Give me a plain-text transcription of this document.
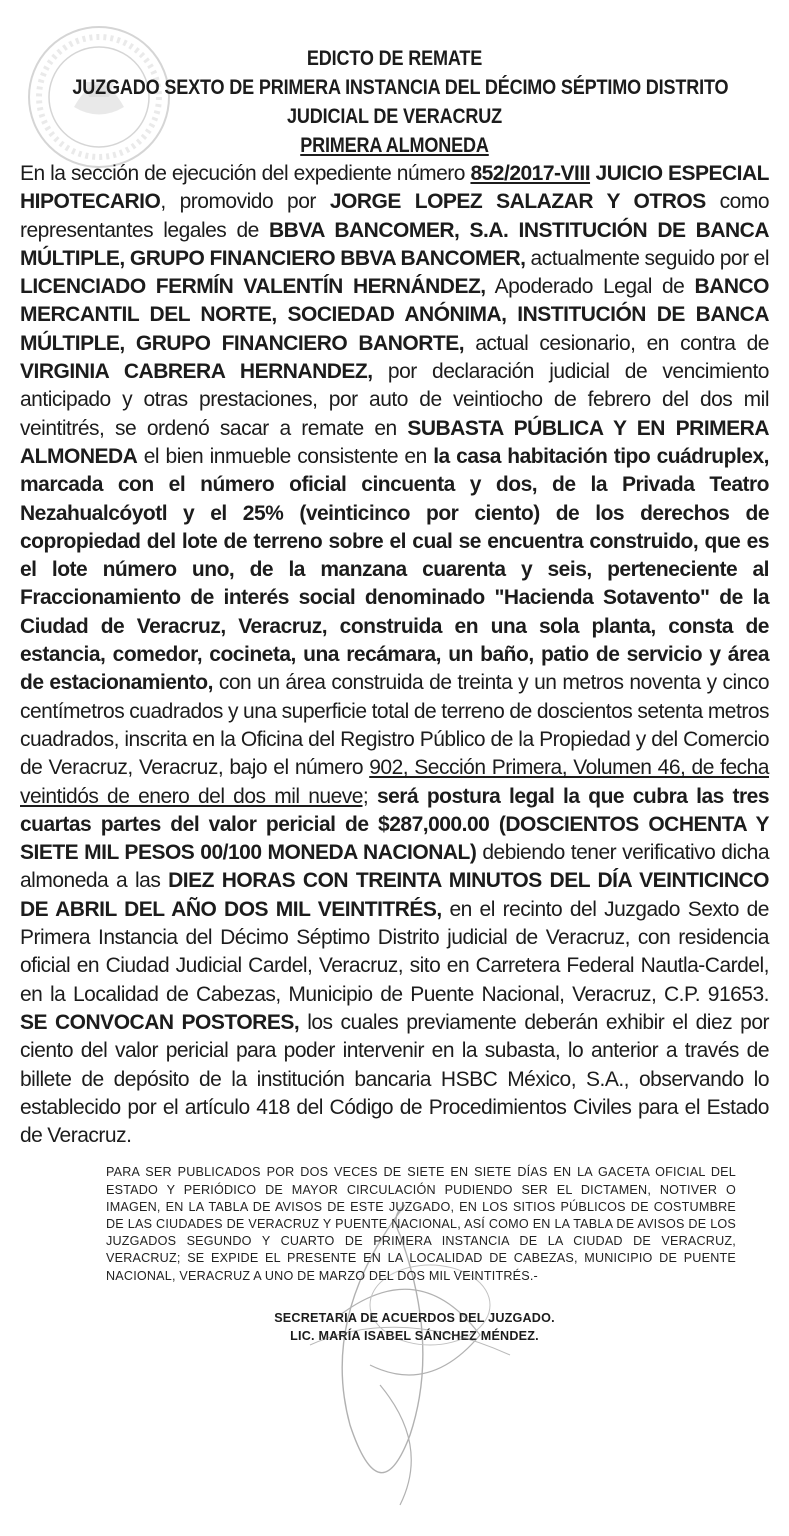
EDICTO DE REMATE
JUZGADO SEXTO DE PRIMERA INSTANCIA DEL DÉCIMO SÉPTIMO DISTRITO
JUDICIAL DE VERACRUZ
PRIMERA ALMONEDA
En la sección de ejecución del expediente número 852/2017-VIII JUICIO ESPECIAL HIPOTECARIO, promovido por JORGE LOPEZ SALAZAR Y OTROS como representantes legales de BBVA BANCOMER, S.A. INSTITUCIÓN DE BANCA MÚLTIPLE, GRUPO FINANCIERO BBVA BANCOMER, actualmente seguido por el LICENCIADO FERMÍN VALENTÍN HERNÁNDEZ, Apoderado Legal de BANCO MERCANTIL DEL NORTE, SOCIEDAD ANÓNIMA, INSTITUCIÓN DE BANCA MÚLTIPLE, GRUPO FINANCIERO BANORTE, actual cesionario, en contra de VIRGINIA CABRERA HERNANDEZ, por declaración judicial de vencimiento anticipado y otras prestaciones, por auto de veintiocho de febrero del dos mil veintitrés, se ordenó sacar a remate en SUBASTA PÚBLICA Y EN PRIMERA ALMONEDA el bien inmueble consistente en la casa habitación tipo cuádruplex, marcada con el número oficial cincuenta y dos, de la Privada Teatro Nezahualcóyotl y el 25% (veinticinco por ciento) de los derechos de copropiedad del lote de terreno sobre el cual se encuentra construido, que es el lote número uno, de la manzana cuarenta y seis, perteneciente al Fraccionamiento de interés social denominado "Hacienda Sotavento" de la Ciudad de Veracruz, Veracruz, construida en una sola planta, consta de estancia, comedor, cocineta, una recámara, un baño, patio de servicio y área de estacionamiento, con un área construida de treinta y un metros noventa y cinco centímetros cuadrados y una superficie total de terreno de doscientos setenta metros cuadrados, inscrita en la Oficina del Registro Público de la Propiedad y del Comercio de Veracruz, Veracruz, bajo el número 902, Sección Primera, Volumen 46, de fecha veintidós de enero del dos mil nueve; será postura legal la que cubra las tres cuartas partes del valor pericial de $287,000.00 (DOSCIENTOS OCHENTA Y SIETE MIL PESOS 00/100 MONEDA NACIONAL) debiendo tener verificativo dicha almoneda a las DIEZ HORAS CON TREINTA MINUTOS DEL DÍA VEINTICINCO DE ABRIL DEL AÑO DOS MIL VEINTITRÉS, en el recinto del Juzgado Sexto de Primera Instancia del Décimo Séptimo Distrito judicial de Veracruz, con residencia oficial en Ciudad Judicial Cardel, Veracruz, sito en Carretera Federal Nautla-Cardel, en la Localidad de Cabezas, Municipio de Puente Nacional, Veracruz, C.P. 91653. SE CONVOCAN POSTORES, los cuales previamente deberán exhibir el diez por ciento del valor pericial para poder intervenir en la subasta, lo anterior a través de billete de depósito de la institución bancaria HSBC México, S.A., observando lo establecido por el artículo 418 del Código de Procedimientos Civiles para el Estado de Veracruz.
PARA SER PUBLICADOS POR DOS VECES DE SIETE EN SIETE DÍAS EN LA GACETA OFICIAL DEL ESTADO Y PERIÓDICO DE MAYOR CIRCULACIÓN PUDIENDO SER EL DICTAMEN, NOTIVER O IMAGEN, EN LA TABLA DE AVISOS DE ESTE JUZGADO, EN LOS SITIOS PÚBLICOS DE COSTUMBRE DE LAS CIUDADES DE VERACRUZ Y PUENTE NACIONAL, ASÍ COMO EN LA TABLA DE AVISOS DE LOS JUZGADOS SEGUNDO Y CUARTO DE PRIMERA INSTANCIA DE LA CIUDAD DE VERACRUZ, VERACRUZ; SE EXPIDE EL PRESENTE EN LA LOCALIDAD DE CABEZAS, MUNICIPIO DE PUENTE NACIONAL, VERACRUZ A UNO DE MARZO DEL DOS MIL VEINTITRÉS.-
SECRETARIA DE ACUERDOS DEL JUZGADO.
LIC. MARÍA ISABEL SÁNCHEZ MÉNDEZ.
